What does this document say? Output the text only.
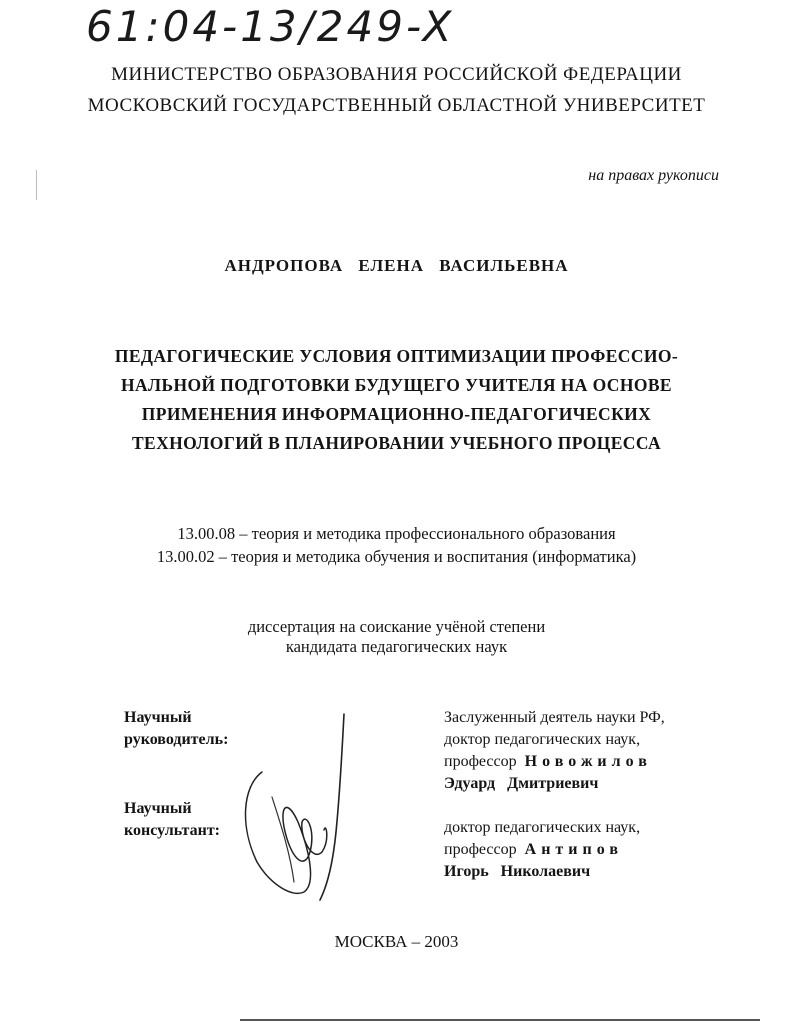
61:04-13/249-X
МИНИСТЕРСТВО ОБРАЗОВАНИЯ РОССИЙСКОЙ ФЕДЕРАЦИИ
МОСКОВСКИЙ ГОСУДАРСТВЕННЫЙ ОБЛАСТНОЙ УНИВЕРСИТЕТ
на правах рукописи
АНДРОПОВА ЕЛЕНА ВАСИЛЬЕВНА
ПЕДАГОГИЧЕСКИЕ УСЛОВИЯ ОПТИМИЗАЦИИ ПРОФЕССИО-
НАЛЬНОЙ ПОДГОТОВКИ БУДУЩЕГО УЧИТЕЛЯ НА ОСНОВЕ
ПРИМЕНЕНИЯ ИНФОРМАЦИОННО-ПЕДАГОГИЧЕСКИХ
ТЕХНОЛОГИЙ В ПЛАНИРОВАНИИ УЧЕБНОГО ПРОЦЕССА
13.00.08 – теория и методика профессионального образования
13.00.02 – теория и методика обучения и воспитания (информатика)
диссертация на соискание учёной степени
кандидата педагогических наук
Научный
руководитель:
Заслуженный деятель науки РФ,
доктор педагогических наук,
профессор Новожилов
Эдуард Дмитриевич
Научный
консультант:	доктор педагогических наук,
профессор Антипов
Игорь Николаевич
МОСКВА – 2003
